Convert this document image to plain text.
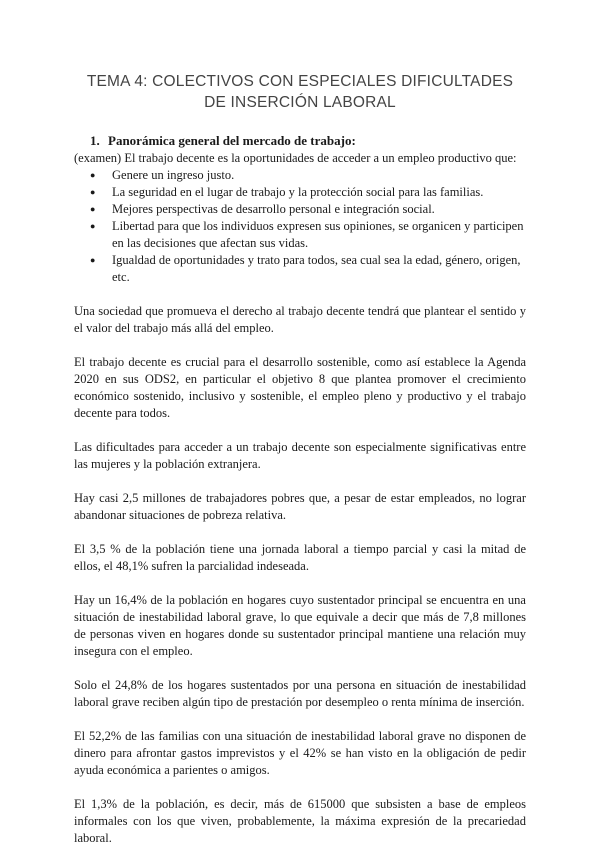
TEMA 4: COLECTIVOS CON ESPECIALES DIFICULTADES DE INSERCIÓN LABORAL
1. Panorámica general del mercado de trabajo:

(examen) El trabajo decente es la oportunidades de acceder a un empleo productivo que:

● Genere un ingreso justo.
● La seguridad en el lugar de trabajo y la protección social para las familias.
● Mejores perspectivas de desarrollo personal e integración social.
● Libertad para que los individuos expresen sus opiniones, se organicen y participen en las decisiones que afectan sus vidas.
● Igualdad de oportunidades y trato para todos, sea cual sea la edad, género, origen, etc.

Una sociedad que promueva el derecho al trabajo decente tendrá que plantear el sentido y el valor del trabajo más allá del empleo.

El trabajo decente es crucial para el desarrollo sostenible, como así establece la Agenda 2020 en sus ODS2, en particular el objetivo 8 que plantea promover el crecimiento económico sostenido, inclusivo y sostenible, el empleo pleno y productivo y el trabajo decente para todos.

Las dificultades para acceder a un trabajo decente son especialmente significativas entre las mujeres y la población extranjera.

Hay casi 2,5 millones de trabajadores pobres que, a pesar de estar empleados, no lograr abandonar situaciones de pobreza relativa.

El 3,5 % de la población tiene una jornada laboral a tiempo parcial y casi la mitad de ellos, el 48,1% sufren la parcialidad indeseada.

Hay un 16,4% de la población en hogares cuyo sustentador principal se encuentra en una situación de inestabilidad laboral grave, lo que equivale a decir que más de 7,8 millones de personas viven en hogares donde su sustentador principal mantiene una relación muy insegura con el empleo.

Solo el 24,8% de los hogares sustentados por una persona en situación de inestabilidad laboral grave reciben algún tipo de prestación por desempleo o renta mínima de inserción.

El 52,2% de las familias con una situación de inestabilidad laboral grave no disponen de dinero para afrontar gastos imprevistos y el 42% se han visto en la obligación de pedir ayuda económica a parientes o amigos.

El 1,3% de la población, es decir, más de 615000 que subsisten a base de empleos informales con los que viven, probablemente, la máxima expresión de la precariedad laboral.
